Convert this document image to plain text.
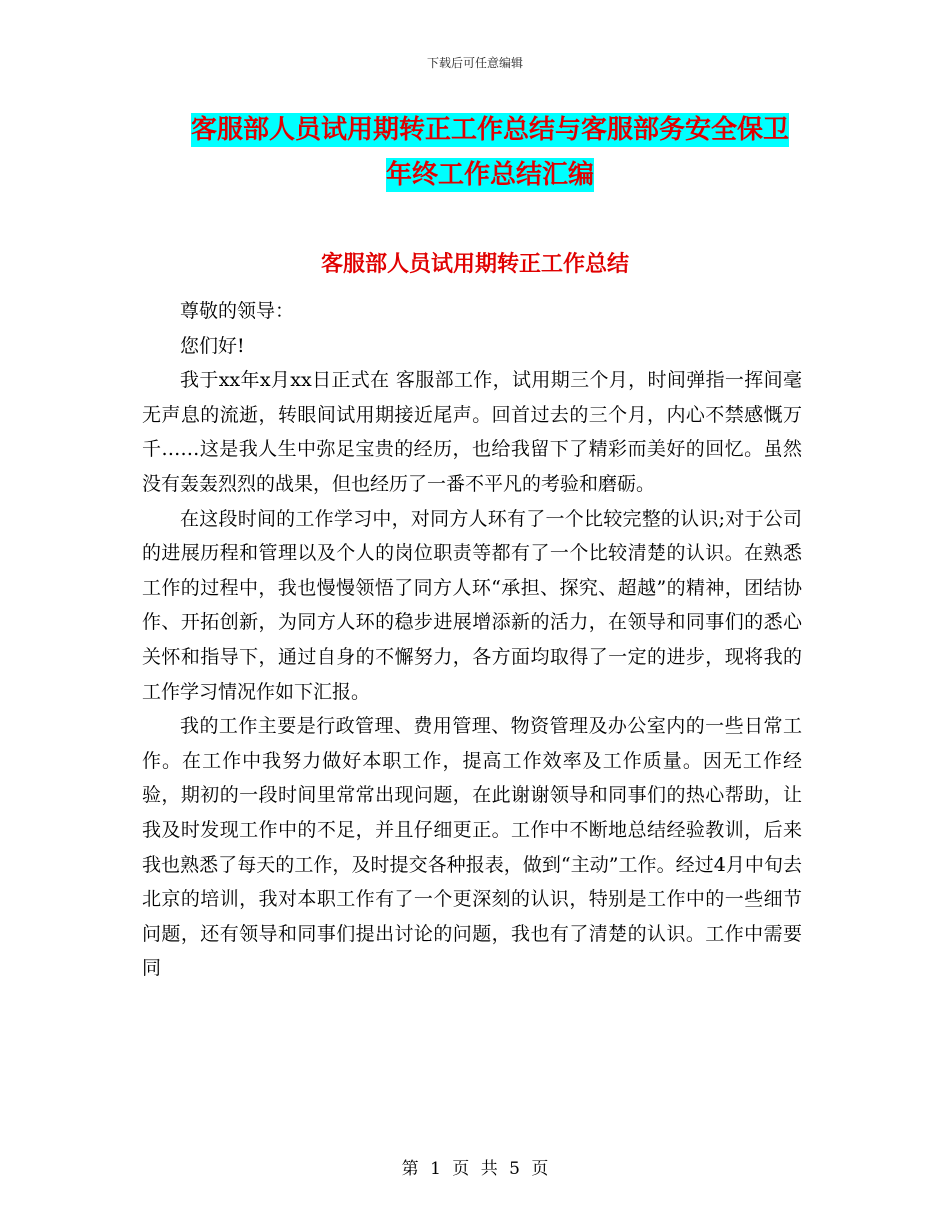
下载后可任意编辑
客服部人员试用期转正工作总结与客服部务安全保卫
年终工作总结汇编
客服部人员试用期转正工作总结

尊敬的领导：

您们好!

我于xx年x月xx日正式在 客服部工作，试用期三个月，时间弹指一挥间毫无声息的流逝，转眼间试用期接近尾声。回首过去的三个月，内心不禁感慨万千……这是我人生中弥足宝贵的经历，也给我留下了精彩而美好的回忆。虽然没有轰轰烈烈的战果，但也经历了一番不平凡的考验和磨砺。

在这段时间的工作学习中，对同方人环有了一个比较完整的认识;对于公司的进展历程和管理以及个人的岗位职责等都有了一个比较清楚的认识。在熟悉工作的过程中，我也慢慢领悟了同方人环“承担、探究、超越”的精神，团结协作、开拓创新，为同方人环的稳步进展增添新的活力，在领导和同事们的悉心关怀和指导下，通过自身的不懈努力，各方面均取得了一定的进步，现将我的工作学习情况作如下汇报。

我的工作主要是行政管理、费用管理、物资管理及办公室内的一些日常工作。在工作中我努力做好本职工作，提高工作效率及工作质量。因无工作经验，期初的一段时间里常常出现问题，在此谢谢领导和同事们的热心帮助，让我及时发现工作中的不足，并且仔细更正。工作中不断地总结经验教训，后来我也熟悉了每天的工作，及时提交各种报表，做到“主动”工作。经过4月中旬去北京的培训，我对本职工作有了一个更深刻的认识，特别是工作中的一些细节问题，还有领导和同事们提出讨论的问题，我也有了清楚的认识。工作中需要同

第 1 页 共 5 页
